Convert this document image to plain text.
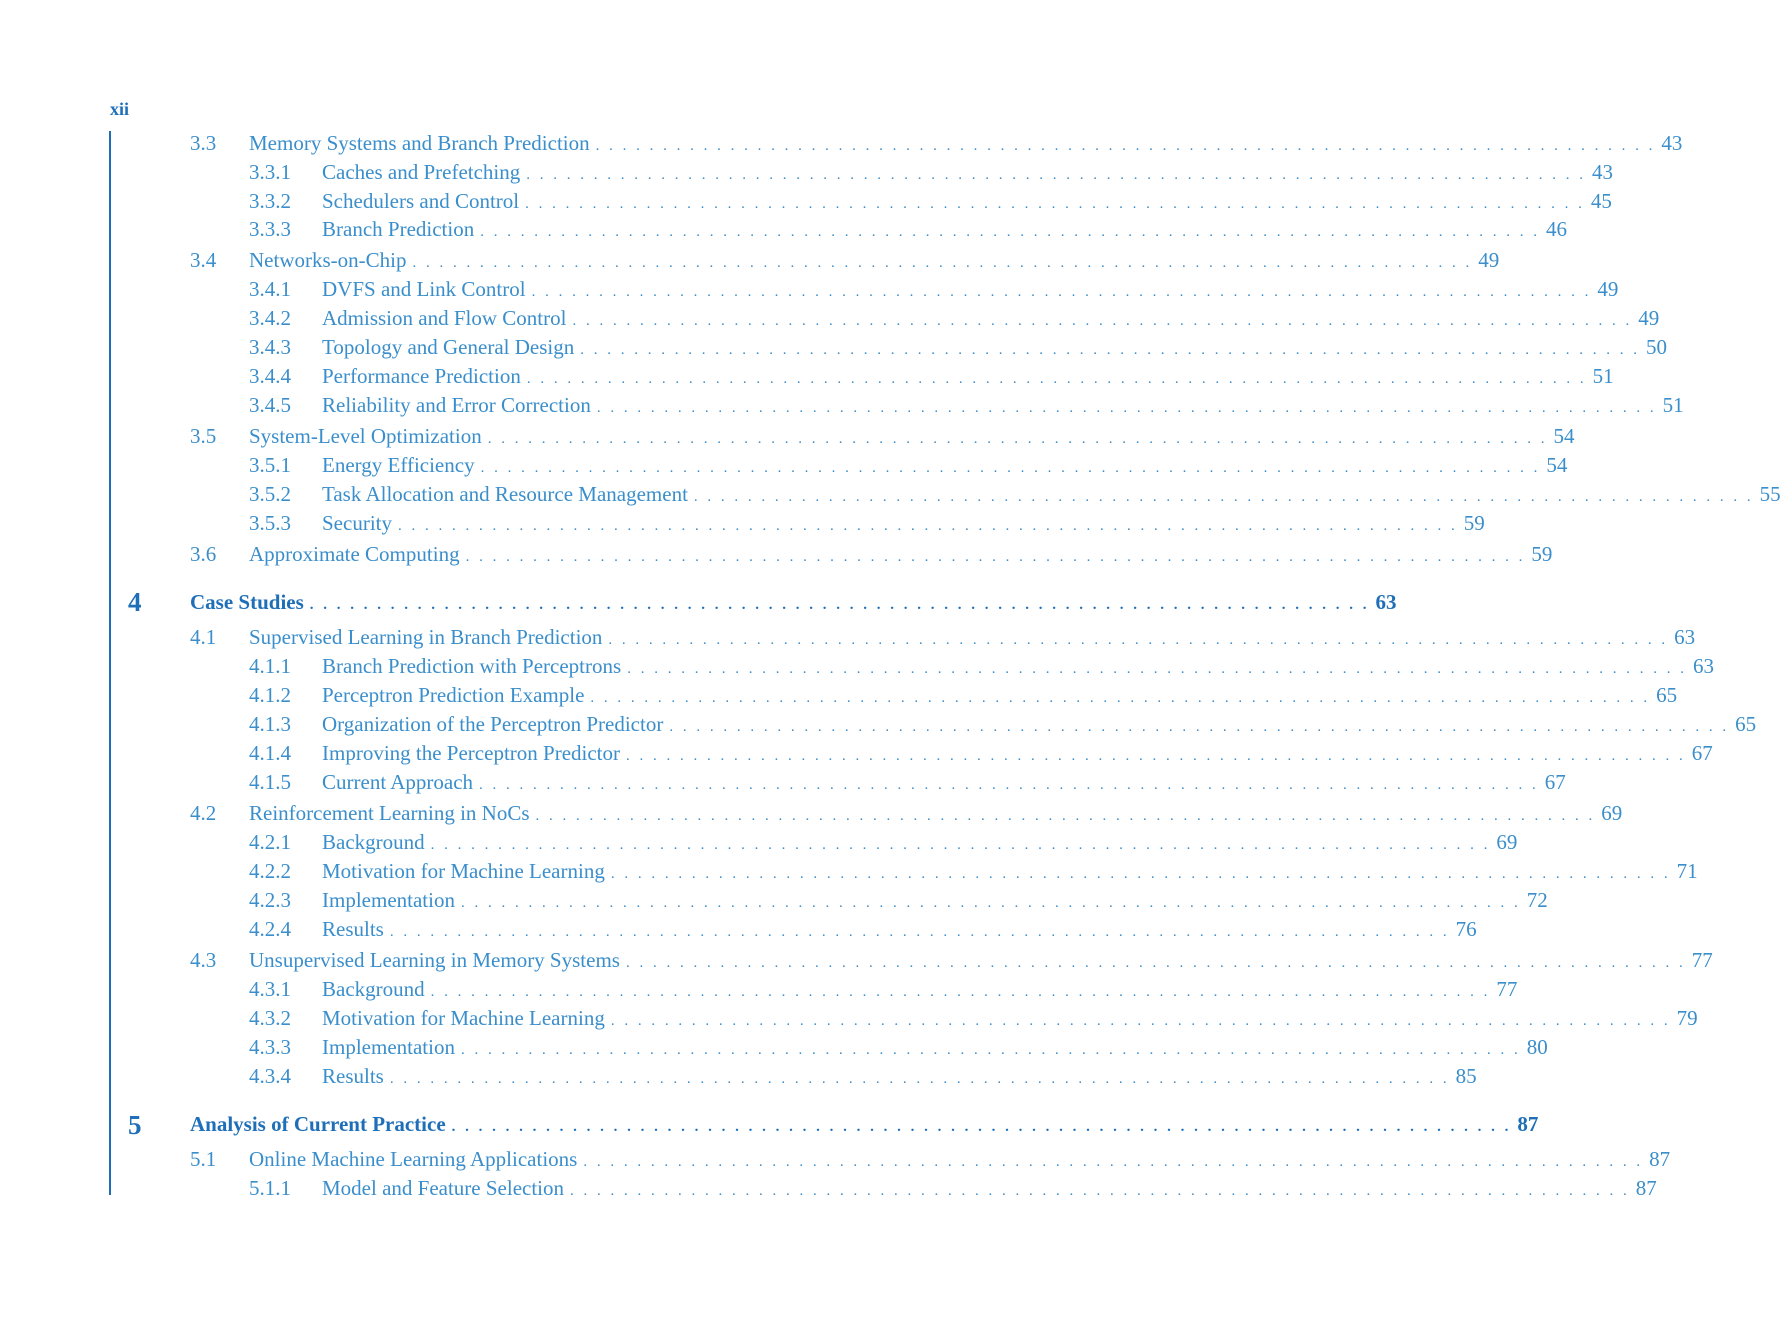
xii
3.3	Memory Systems and Branch Prediction . . . . . . . . . . . . . . . . . . . . . . . . . . . . . . . . . . . . . . . . . . . . . . . . . . . . . . . . . . . . . . . . . . . . . . . . . . . . . . . 43
3.3.1	Caches and Prefetching . . . . . . . . . . . . . . . . . . . . . . . . . . . . . . . . . . . . . . . . . . . . . . . . . . . . . . . . . . . . . . . . . . . . . . . . . . . . . . . 43
3.3.2	Schedulers and Control . . . . . . . . . . . . . . . . . . . . . . . . . . . . . . . . . . . . . . . . . . . . . . . . . . . . . . . . . . . . . . . . . . . . . . . . . . . . . . . 45
3.3.3	Branch Prediction . . . . . . . . . . . . . . . . . . . . . . . . . . . . . . . . . . . . . . . . . . . . . . . . . . . . . . . . . . . . . . . . . . . . . . . . . . . . . . . 46
3.4	Networks-on-Chip . . . . . . . . . . . . . . . . . . . . . . . . . . . . . . . . . . . . . . . . . . . . . . . . . . . . . . . . . . . . . . . . . . . . . . . . . . . . . . . 49
3.4.1	DVFS and Link Control . . . . . . . . . . . . . . . . . . . . . . . . . . . . . . . . . . . . . . . . . . . . . . . . . . . . . . . . . . . . . . . . . . . . . . . . . . . . . . . 49
3.4.2	Admission and Flow Control . . . . . . . . . . . . . . . . . . . . . . . . . . . . . . . . . . . . . . . . . . . . . . . . . . . . . . . . . . . . . . . . . . . . . . . . . . . . . . . 49
3.4.3	Topology and General Design . . . . . . . . . . . . . . . . . . . . . . . . . . . . . . . . . . . . . . . . . . . . . . . . . . . . . . . . . . . . . . . . . . . . . . . . . . . . . . . 50
3.4.4	Performance Prediction . . . . . . . . . . . . . . . . . . . . . . . . . . . . . . . . . . . . . . . . . . . . . . . . . . . . . . . . . . . . . . . . . . . . . . . . . . . . . . . 51
3.4.5	Reliability and Error Correction . . . . . . . . . . . . . . . . . . . . . . . . . . . . . . . . . . . . . . . . . . . . . . . . . . . . . . . . . . . . . . . . . . . . . . . . . . . . . . . 51
3.5	System-Level Optimization . . . . . . . . . . . . . . . . . . . . . . . . . . . . . . . . . . . . . . . . . . . . . . . . . . . . . . . . . . . . . . . . . . . . . . . . . . . . . . . 54
3.5.1	Energy Efficiency . . . . . . . . . . . . . . . . . . . . . . . . . . . . . . . . . . . . . . . . . . . . . . . . . . . . . . . . . . . . . . . . . . . . . . . . . . . . . . . 54
3.5.2	Task Allocation and Resource Management . . . . . . . . . . . . . . . . . . . . . . . . . . . . . . . . . . . . . . . . . . . . . . . . . . . . . . . . . . . . . . . . . . . . . . . . . . . . . . . 55
3.5.3	Security . . . . . . . . . . . . . . . . . . . . . . . . . . . . . . . . . . . . . . . . . . . . . . . . . . . . . . . . . . . . . . . . . . . . . . . . . . . . . . . 59
3.6	Approximate Computing . . . . . . . . . . . . . . . . . . . . . . . . . . . . . . . . . . . . . . . . . . . . . . . . . . . . . . . . . . . . . . . . . . . . . . . . . . . . . . . 59
4 Case Studies . . . . . . . . . . . . . . . . . . . . . . . . . . . . . . . . . . . . . . . . . . . . . . . . . . . . . . . . . . . . . . . . . . . . . . . . . . . . . . . 63
4.1	Supervised Learning in Branch Prediction . . . . . . . . . . . . . . . . . . . . . . . . . . . . . . . . . . . . . . . . . . . . . . . . . . . . . . . . . . . . . . . . . . . . . . . . . . . . . . . 63
4.1.1	Branch Prediction with Perceptrons . . . . . . . . . . . . . . . . . . . . . . . . . . . . . . . . . . . . . . . . . . . . . . . . . . . . . . . . . . . . . . . . . . . . . . . . . . . . . . . 63
4.1.2	Perceptron Prediction Example . . . . . . . . . . . . . . . . . . . . . . . . . . . . . . . . . . . . . . . . . . . . . . . . . . . . . . . . . . . . . . . . . . . . . . . . . . . . . . . 65
4.1.3	Organization of the Perceptron Predictor . . . . . . . . . . . . . . . . . . . . . . . . . . . . . . . . . . . . . . . . . . . . . . . . . . . . . . . . . . . . . . . . . . . . . . . . . . . . . . . 65
4.1.4	Improving the Perceptron Predictor . . . . . . . . . . . . . . . . . . . . . . . . . . . . . . . . . . . . . . . . . . . . . . . . . . . . . . . . . . . . . . . . . . . . . . . . . . . . . . . 67
4.1.5	Current Approach . . . . . . . . . . . . . . . . . . . . . . . . . . . . . . . . . . . . . . . . . . . . . . . . . . . . . . . . . . . . . . . . . . . . . . . . . . . . . . . 67
4.2	Reinforcement Learning in NoCs . . . . . . . . . . . . . . . . . . . . . . . . . . . . . . . . . . . . . . . . . . . . . . . . . . . . . . . . . . . . . . . . . . . . . . . . . . . . . . . 69
4.2.1	Background . . . . . . . . . . . . . . . . . . . . . . . . . . . . . . . . . . . . . . . . . . . . . . . . . . . . . . . . . . . . . . . . . . . . . . . . . . . . . . . 69
4.2.2	Motivation for Machine Learning . . . . . . . . . . . . . . . . . . . . . . . . . . . . . . . . . . . . . . . . . . . . . . . . . . . . . . . . . . . . . . . . . . . . . . . . . . . . . . . 71
4.2.3	Implementation . . . . . . . . . . . . . . . . . . . . . . . . . . . . . . . . . . . . . . . . . . . . . . . . . . . . . . . . . . . . . . . . . . . . . . . . . . . . . . . 72
4.2.4	Results . . . . . . . . . . . . . . . . . . . . . . . . . . . . . . . . . . . . . . . . . . . . . . . . . . . . . . . . . . . . . . . . . . . . . . . . . . . . . . . 76
4.3	Unsupervised Learning in Memory Systems . . . . . . . . . . . . . . . . . . . . . . . . . . . . . . . . . . . . . . . . . . . . . . . . . . . . . . . . . . . . . . . . . . . . . . . . . . . . . . . 77
4.3.1	Background . . . . . . . . . . . . . . . . . . . . . . . . . . . . . . . . . . . . . . . . . . . . . . . . . . . . . . . . . . . . . . . . . . . . . . . . . . . . . . . 77
4.3.2	Motivation for Machine Learning . . . . . . . . . . . . . . . . . . . . . . . . . . . . . . . . . . . . . . . . . . . . . . . . . . . . . . . . . . . . . . . . . . . . . . . . . . . . . . . 79
4.3.3	Implementation . . . . . . . . . . . . . . . . . . . . . . . . . . . . . . . . . . . . . . . . . . . . . . . . . . . . . . . . . . . . . . . . . . . . . . . . . . . . . . . 80
4.3.4	Results . . . . . . . . . . . . . . . . . . . . . . . . . . . . . . . . . . . . . . . . . . . . . . . . . . . . . . . . . . . . . . . . . . . . . . . . . . . . . . . 85
5 Analysis of Current Practice . . . . . . . . . . . . . . . . . . . . . . . . . . . . . . . . . . . . . . . . . . . . . . . . . . . . . . . . . . . . . . . . . . . . . . . . . . . . . . . 87
5.1	Online Machine Learning Applications . . . . . . . . . . . . . . . . . . . . . . . . . . . . . . . . . . . . . . . . . . . . . . . . . . . . . . . . . . . . . . . . . . . . . . . . . . . . . . . 87
5.1.1	Model and Feature Selection . . . . . . . . . . . . . . . . . . . . . . . . . . . . . . . . . . . . . . . . . . . . . . . . . . . . . . . . . . . . . . . . . . . . . . . . . . . . . . . 87
